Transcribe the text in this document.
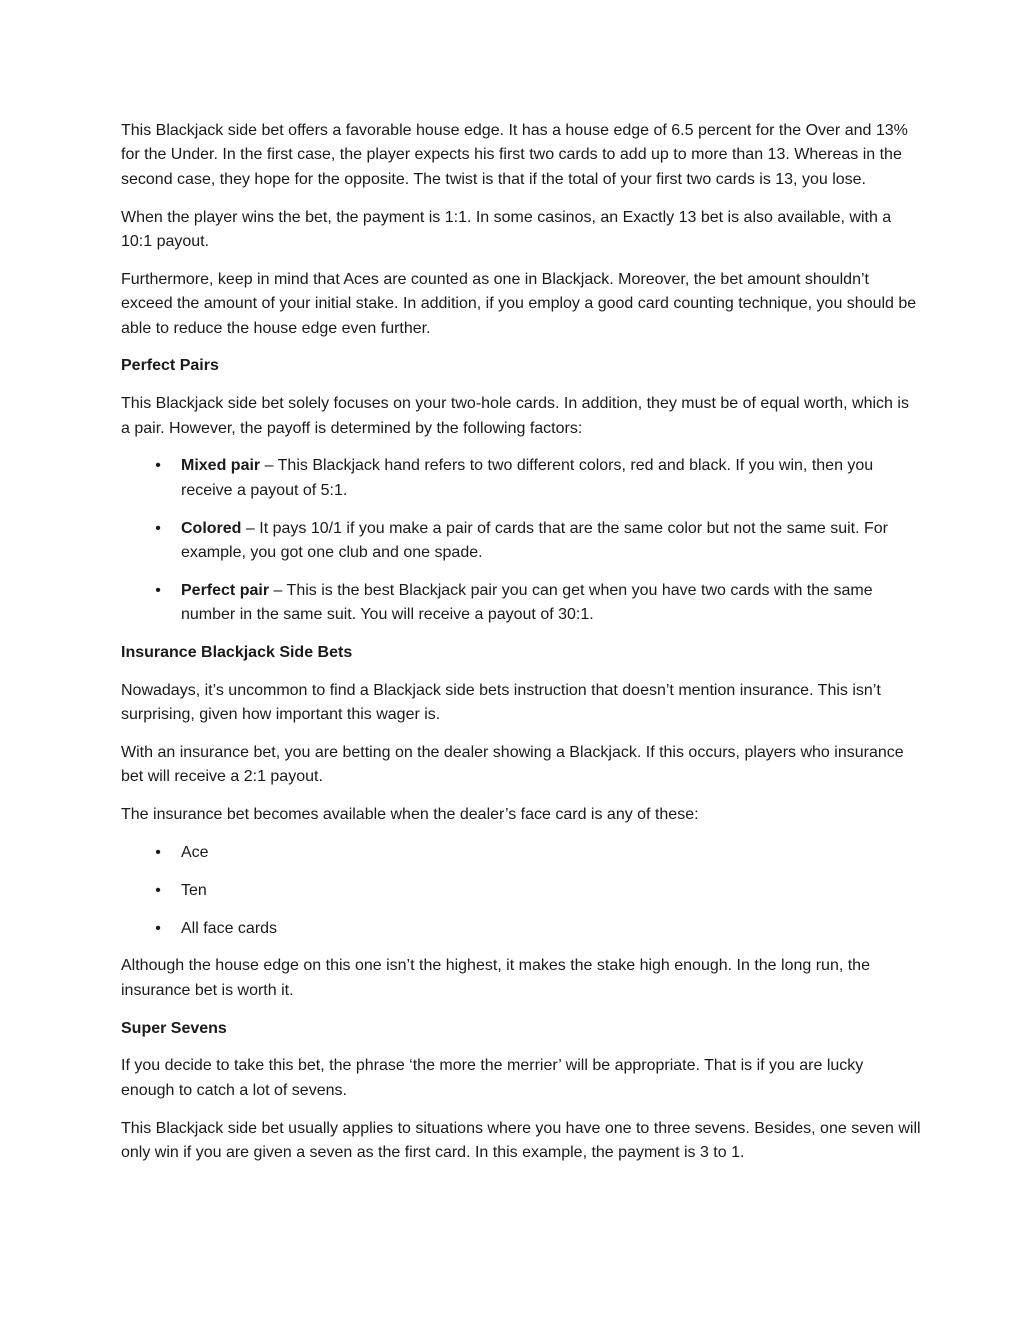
This Blackjack side bet offers a favorable house edge. It has a house edge of 6.5 percent for the Over and 13% for the Under. In the first case, the player expects his first two cards to add up to more than 13. Whereas in the second case, they hope for the opposite. The twist is that if the total of your first two cards is 13, you lose.

When the player wins the bet, the payment is 1:1. In some casinos, an Exactly 13 bet is also available, with a 10:1 payout.

Furthermore, keep in mind that Aces are counted as one in Blackjack. Moreover, the bet amount shouldn’t exceed the amount of your initial stake. In addition, if you employ a good card counting technique, you should be able to reduce the house edge even further.

Perfect Pairs

This Blackjack side bet solely focuses on your two-hole cards. In addition, they must be of equal worth, which is a pair. However, the payoff is determined by the following factors:

• Mixed pair – This Blackjack hand refers to two different colors, red and black. If you win, then you receive a payout of 5:1.
• Colored – It pays 10/1 if you make a pair of cards that are the same color but not the same suit. For example, you got one club and one spade.
• Perfect pair – This is the best Blackjack pair you can get when you have two cards with the same number in the same suit. You will receive a payout of 30:1.

Insurance Blackjack Side Bets

Nowadays, it’s uncommon to find a Blackjack side bets instruction that doesn’t mention insurance. This isn’t surprising, given how important this wager is.

With an insurance bet, you are betting on the dealer showing a Blackjack. If this occurs, players who insurance bet will receive a 2:1 payout.

The insurance bet becomes available when the dealer’s face card is any of these:

• Ace
• Ten
• All face cards

Although the house edge on this one isn’t the highest, it makes the stake high enough. In the long run, the insurance bet is worth it.

Super Sevens

If you decide to take this bet, the phrase ‘the more the merrier’ will be appropriate. That is if you are lucky enough to catch a lot of sevens.

This Blackjack side bet usually applies to situations where you have one to three sevens. Besides, one seven will only win if you are given a seven as the first card. In this example, the payment is 3 to 1.
